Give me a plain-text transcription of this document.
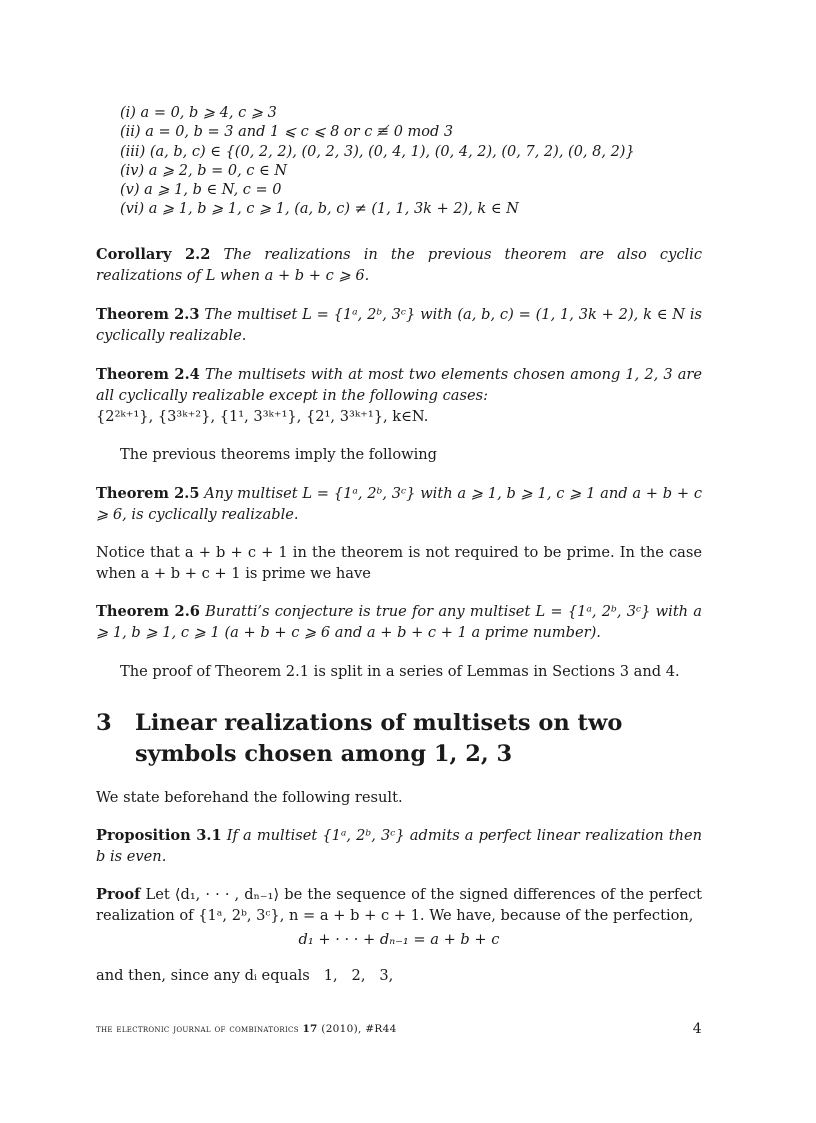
(i) a = 0, b ⩾ 4, c ⩾ 3
(ii) a = 0, b = 3 and 1 ⩽ c ⩽ 8 or c ≢ 0 mod 3
(iii) (a, b, c) ∈ {(0, 2, 2), (0, 2, 3), (0, 4, 1), (0, 4, 2), (0, 7, 2), (0, 8, 2)}
(iv) a ⩾ 2, b = 0, c ∈ N
(v) a ⩾ 1, b ∈ N, c = 0
(vi) a ⩾ 1, b ⩾ 1, c ⩾ 1, (a, b, c) ≠ (1, 1, 3k + 2), k ∈ N
Corollary 2.2 The realizations in the previous theorem are also cyclic realizations of L when a + b + c ⩾ 6.
Theorem 2.3 The multiset L = {1ᵃ, 2ᵇ, 3ᶜ} with (a, b, c) = (1, 1, 3k + 2), k ∈ N is cyclically realizable.
Theorem 2.4 The multisets with at most two elements chosen among 1, 2, 3 are all cyclically realizable except in the following cases:
{2²ᵏ⁺¹}, {3³ᵏ⁺²}, {1¹, 3³ᵏ⁺¹}, {2¹, 3³ᵏ⁺¹}, k∈N.
The previous theorems imply the following
Theorem 2.5 Any multiset L = {1ᵃ, 2ᵇ, 3ᶜ} with a ⩾ 1, b ⩾ 1, c ⩾ 1 and a + b + c ⩾ 6, is cyclically realizable.
Notice that a + b + c + 1 in the theorem is not required to be prime. In the case when a + b + c + 1 is prime we have
Theorem 2.6 Buratti’s conjecture is true for any multiset L = {1ᵃ, 2ᵇ, 3ᶜ} with a ⩾ 1, b ⩾ 1, c ⩾ 1 (a + b + c ⩾ 6 and a + b + c + 1 a prime number).
The proof of Theorem 2.1 is split in a series of Lemmas in Sections 3 and 4.
3 Linear realizations of multisets on two symbols chosen among 1, 2, 3
We state beforehand the following result.
Proposition 3.1 If a multiset {1ᵃ, 2ᵇ, 3ᶜ} admits a perfect linear realization then b is even.
Proof Let ⟨d₁, · · · , dₙ₋₁⟩ be the sequence of the signed differences of the perfect realization of {1ᵃ, 2ᵇ, 3ᶜ}, n = a + b + c + 1. We have, because of the perfection,
d₁ + · · · + dₙ₋₁ = a + b + c
and then, since any dᵢ equals   1,   2,   3,
the electronic journal of combinatorics 17 (2010), #R44	4
